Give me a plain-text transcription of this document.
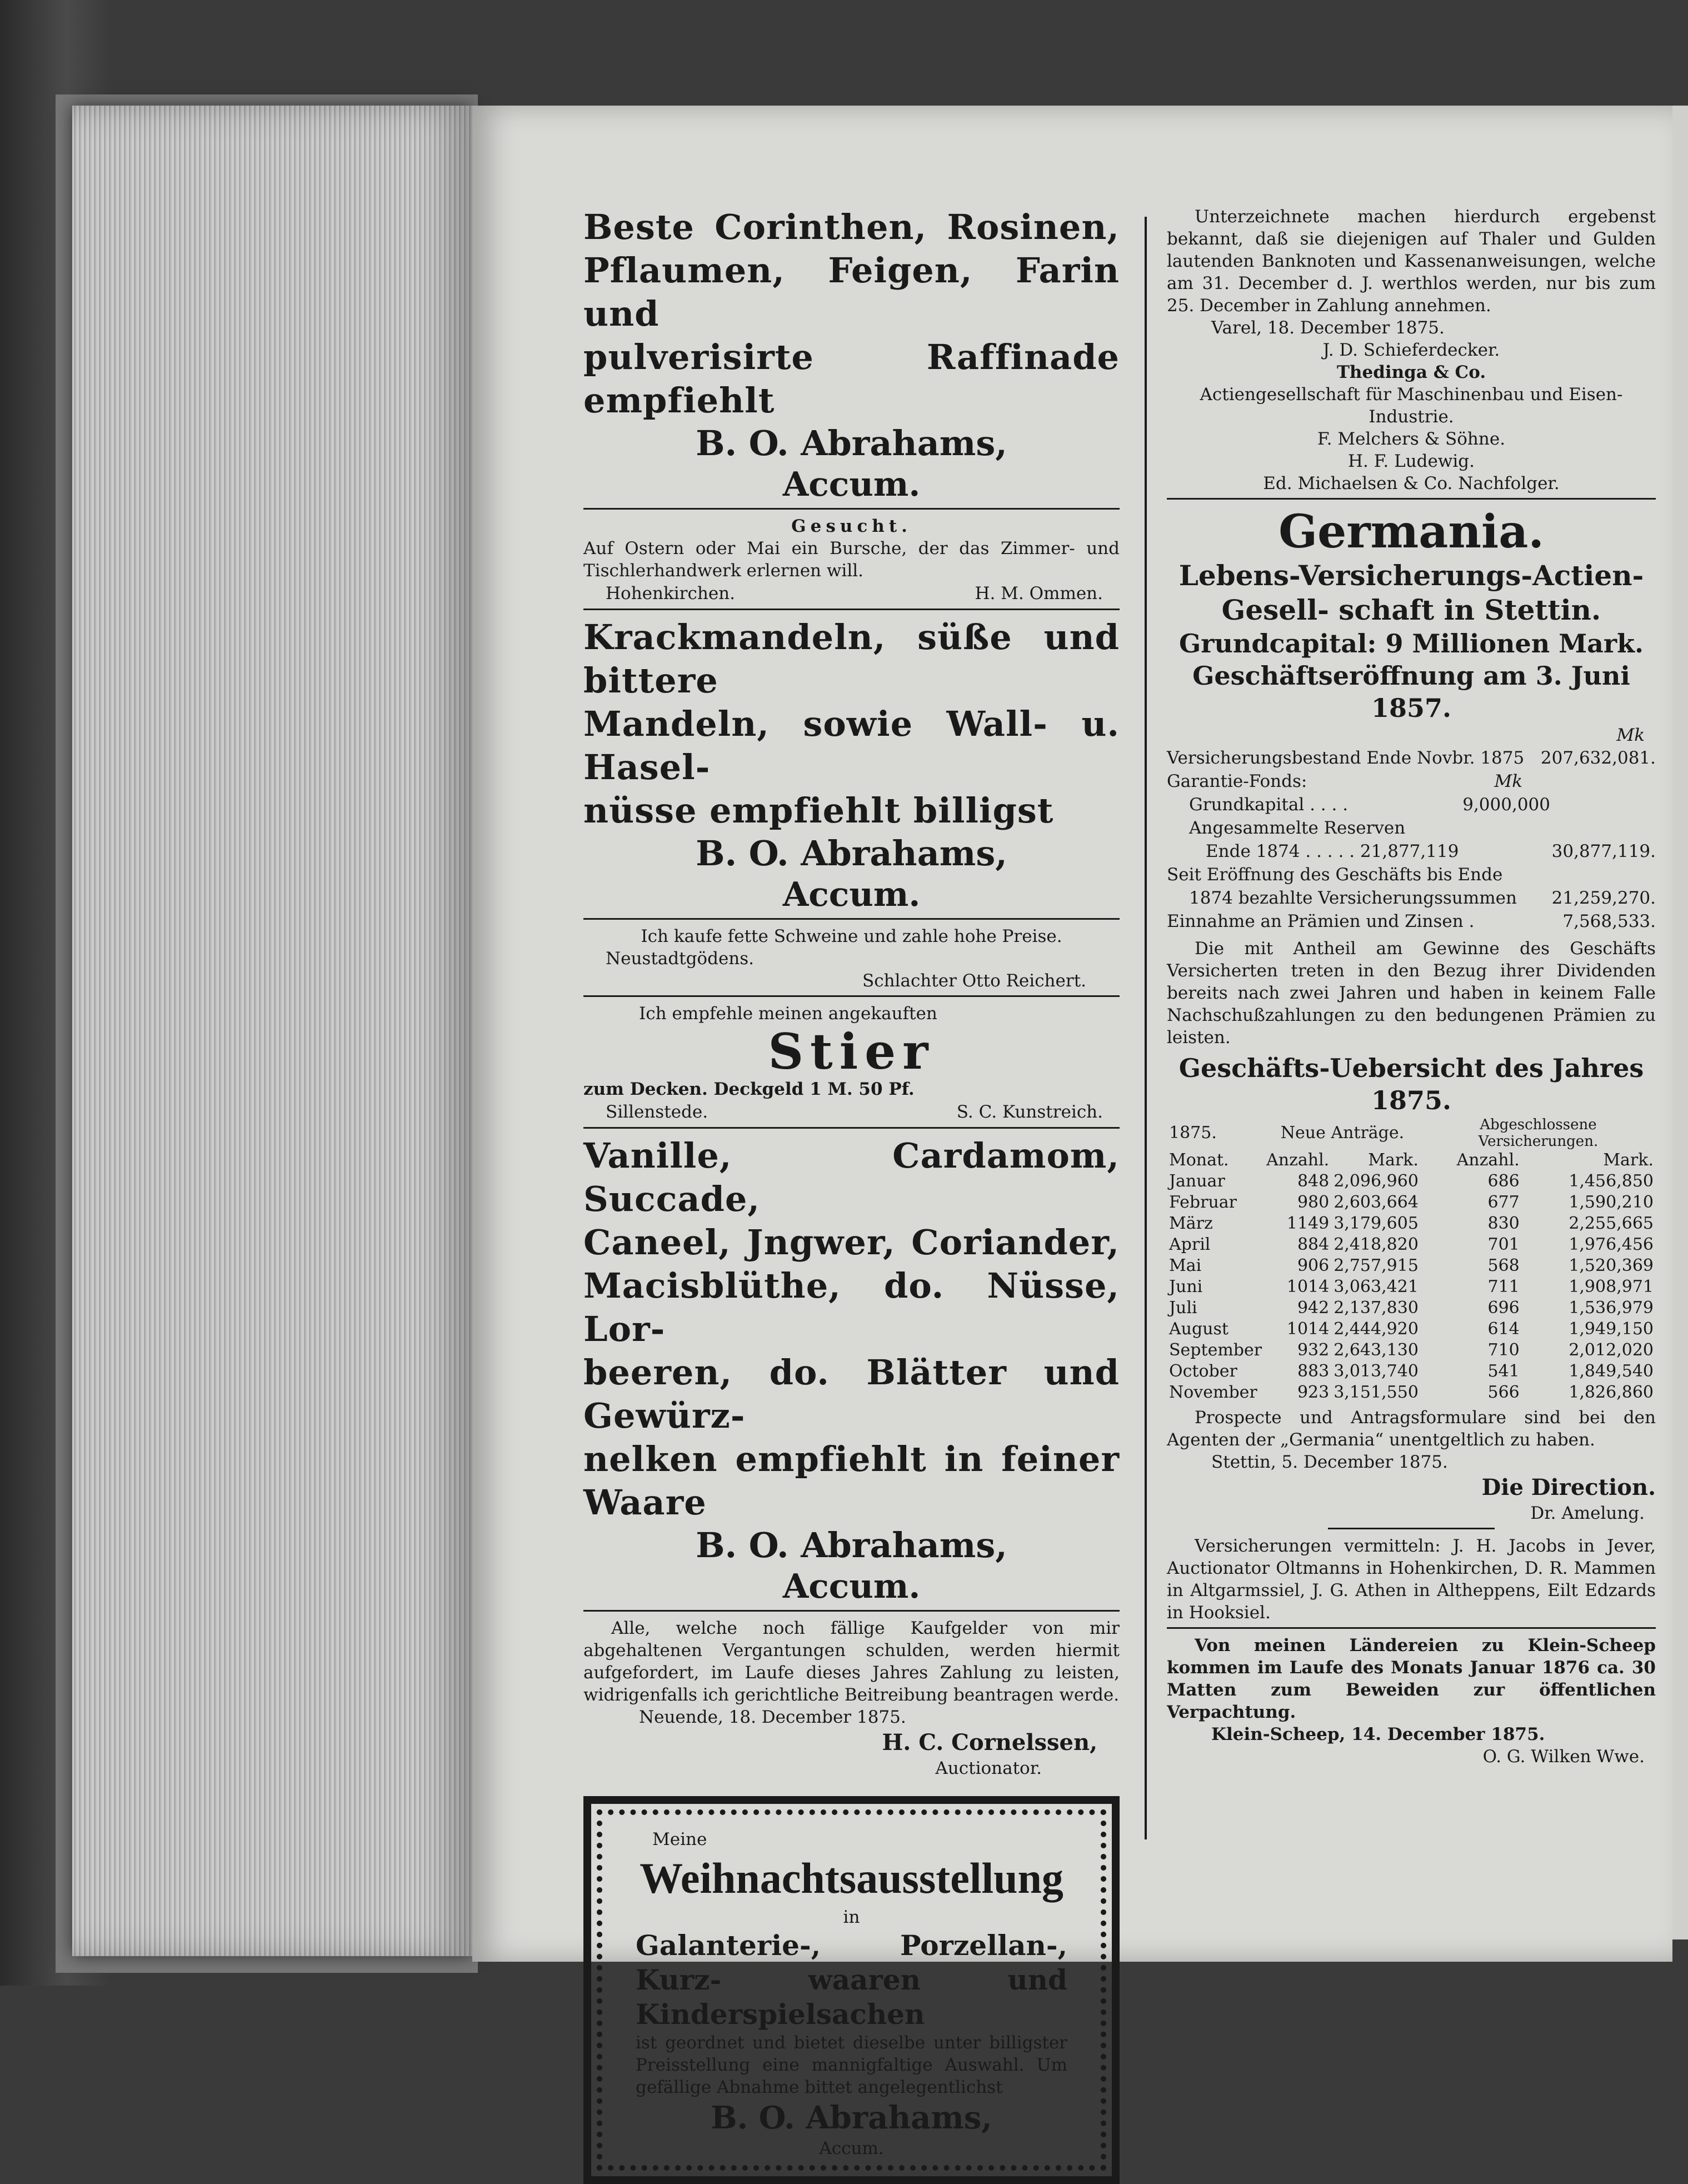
Beste Corinthen, Rosinen,
Pflaumen, Feigen, Farin und
pulverisirte Raffinade empfiehlt
B. O. Abrahams,
Accum.
Gesucht.
Auf Ostern oder Mai ein Bursche, der das Zimmer- und Tischlerhandwerk erlernen will.
Hohenkirchen.	H. M. Ommen.
Krackmandeln, süße und bittere
Mandeln, sowie Wall- u. Hasel-
nüsse empfiehlt billigst
B. O. Abrahams,
Accum.
Ich kaufe fette Schweine und zahle hohe Preise.
Neustadtgödens.
Schlachter Otto Reichert.
Ich empfehle meinen angekauften
Stier
zum Decken. Deckgeld 1 M. 50 Pf.
Sillenstede.	S. C. Kunstreich.
Vanille, Cardamom, Succade,
Caneel, Jngwer, Coriander,
Macisblüthe, do. Nüsse, Lor-
beeren, do. Blätter und Gewürz-
nelken empfiehlt in feiner Waare
B. O. Abrahams,
Accum.
Alle, welche noch fällige Kaufgelder von mir abgehaltenen Vergantungen schulden, werden hiermit aufgefordert, im Laufe dieses Jahres Zahlung zu leisten, widrigenfalls ich gerichtliche Beitreibung beantragen werde.
Neuende, 18. December 1875.
H. C. Cornelssen,
Auctionator.
Meine
Weihnachtsausstellung
in
Galanterie-, Porzellan-, Kurz- waaren und Kinderspielsachen
ist geordnet und bietet dieselbe unter billigster Preisstellung eine mannigfaltige Auswahl. Um gefällige Abnahme bittet angelegentlichst
B. O. Abrahams,
Accum.
Unterzeichnete machen hierdurch ergebenst bekannt, daß sie diejenigen auf Thaler und Gulden lautenden Banknoten und Kassenanweisungen, welche am 31. December d. J. werthlos werden, nur bis zum 25. December in Zahlung annehmen.
Varel, 18. December 1875.
J. D. Schieferdecker.
Thedinga & Co.
Actiengesellschaft für Maschinenbau und Eisen-
Industrie.
F. Melchers & Söhne.
H. F. Ludewig.
Ed. Michaelsen & Co. Nachfolger.
Germania.
Lebens-Versicherungs-Actien-Gesell- schaft in Stettin.
Grundcapital: 9 Millionen Mark.
Geschäftseröffnung am 3. Juni 1857.
Mk
Versicherungsbestand Ende Novbr. 1875 207,632,081.
Garantie-Fonds:	Mk
Grundkapital . . . .	9,000,000
Angesammelte Reserven
Ende 1874 . . . . . 21,877,119	30,877,119.
Seit Eröffnung des Geschäfts bis Ende
1874 bezahlte Versicherungssummen 21,259,270.
Einnahme an Prämien und Zinsen .	7,568,533.
Die mit Antheil am Gewinne des Geschäfts Versicherten treten in den Bezug ihrer Dividenden bereits nach zwei Jahren und haben in keinem Falle Nachschußzahlungen zu den bedungenen Prämien zu leisten.
Geschäfts-Uebersicht des Jahres 1875.
1875.	Neue Anträge.		Abgeschlossene Versicherungen.	
Monat.	Anzahl.	Mark.	Anzahl.	Mark.
Januar	848	2,096,960	686	1,456,850
Februar	980	2,603,664	677	1,590,210
März	1149	3,179,605	830	2,255,665
April	884	2,418,820	701	1,976,456
Mai	906	2,757,915	568	1,520,369
Juni	1014	3,063,421	711	1,908,971
Juli	942	2,137,830	696	1,536,979
August	1014	2,444,920	614	1,949,150
September	932	2,643,130	710	2,012,020
October	883	3,013,740	541	1,849,540
November	923	3,151,550	566	1,826,860
Prospecte und Antragsformulare sind bei den Agenten der „Germania“ unentgeltlich zu haben.
Stettin, 5. December 1875.
Die Direction.
Dr. Amelung.
Versicherungen vermitteln: J. H. Jacobs in Jever, Auctionator Oltmanns in Hohenkirchen, D. R. Mammen in Altgarmssiel, J. G. Athen in Altheppens, Eilt Edzards in Hooksiel.
Von meinen Ländereien zu Klein-Scheep kommen im Laufe des Monats Januar 1876 ca. 30 Matten zum Beweiden zur öffentlichen Verpachtung.
Klein-Scheep, 14. December 1875.
O. G. Wilken Wwe.
